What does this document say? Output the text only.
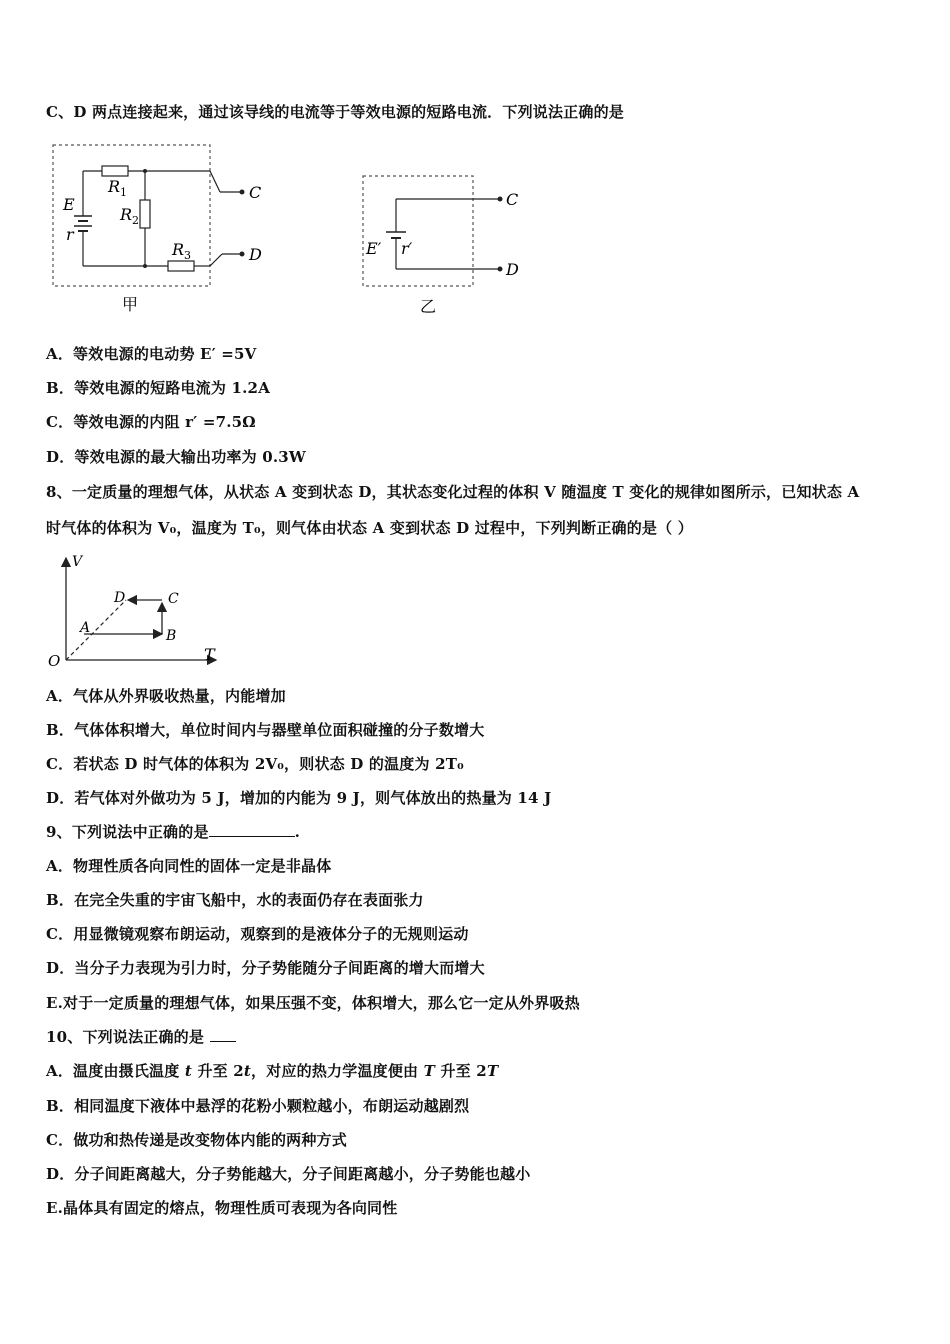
C、D 两点连接起来，通过该导线的电流等于等效电源的短路电流．下列说法正确的是
E
r
$R_1$
$R_2$
$R_3$
C
D
甲
E′ r′
C
D
乙
A．等效电源的电动势 E′ =5V
B．等效电源的短路电流为 1.2A
C．等效电源的内阻 r′ =7.5Ω
D．等效电源的最大输出功率为 0.3W
8、一定质量的理想气体，从状态 A 变到状态 D，其状态变化过程的体积 V 随温度 T 变化的规律如图所示，已知状态 A
时气体的体积为 V₀，温度为 T₀，则气体由状态 A 变到状态 D 过程中，下列判断正确的是（ ）
V
T
O
A	B
C
D
A．气体从外界吸收热量，内能增加
B．气体体积增大，单位时间内与器壁单位面积碰撞的分子数增大
C．若状态 D 时气体的体积为 2V₀，则状态 D 的温度为 2T₀
D．若气体对外做功为 5 J，增加的内能为 9 J，则气体放出的热量为 14 J
9、下列说法中正确的是	.
A．物理性质各向同性的固体一定是非晶体
B．在完全失重的宇宙飞船中，水的表面仍存在表面张力
C．用显微镜观察布朗运动，观察到的是液体分子的无规则运动
D．当分子力表现为引力时，分子势能随分子间距离的增大而增大
E.对于一定质量的理想气体，如果压强不变，体积增大，那么它一定从外界吸热
10、下列说法正确的是
A．温度由摄氏温度 t 升至 2t，对应的热力学温度便由 T 升至 2T
B．相同温度下液体中悬浮的花粉小颗粒越小，布朗运动越剧烈
C．做功和热传递是改变物体内能的两种方式
D．分子间距离越大，分子势能越大，分子间距离越小，分子势能也越小
E.晶体具有固定的熔点，物理性质可表现为各向同性
